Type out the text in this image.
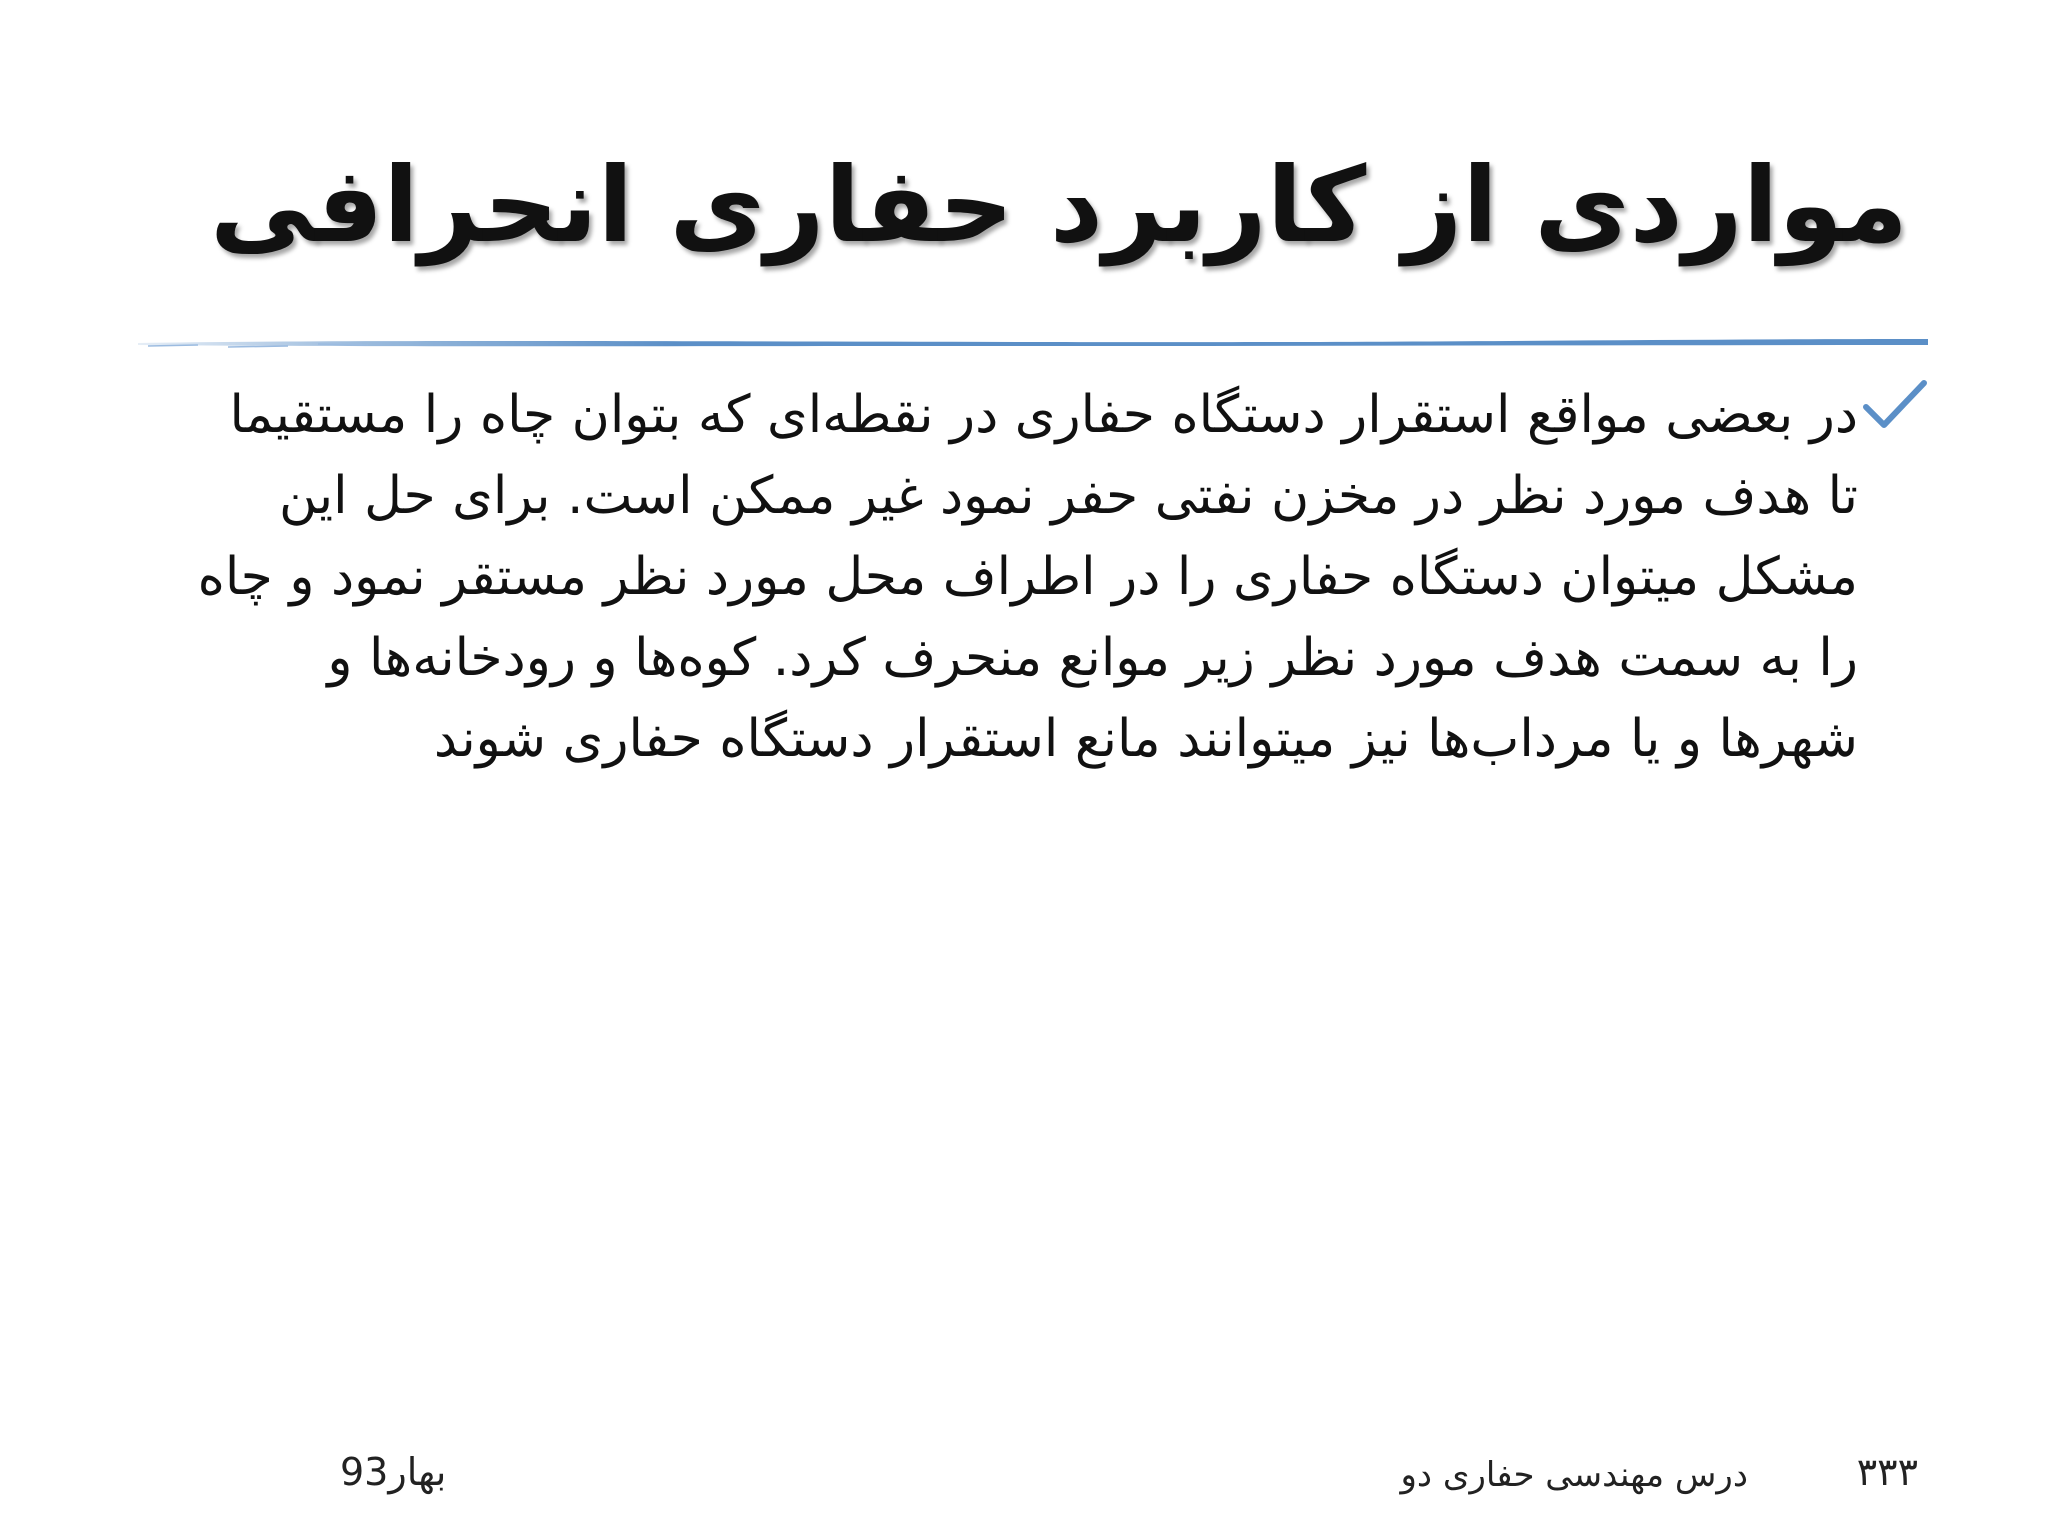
مواردی از کاربرد حفاری انحرافی
در بعضی مواقع استقرار دستگاه حفاری در نقطه‌ای که بتوان چاه را مستقیما تا هدف مورد نظر در مخزن نفتی حفر نمود غیر ممکن است. برای حل این مشکل میتوان دستگاه حفاری را در اطراف محل مورد نظر مستقر نمود و چاه را به سمت هدف مورد نظر زیر موانع منحرف کرد. کوه‌ها و رودخانه‌ها و شهرها و یا مرداب‌ها نیز میتوانند مانع استقرار دستگاه حفاری شوند
۳۳۳
درس مهندسی حفاری دو
بهار93
